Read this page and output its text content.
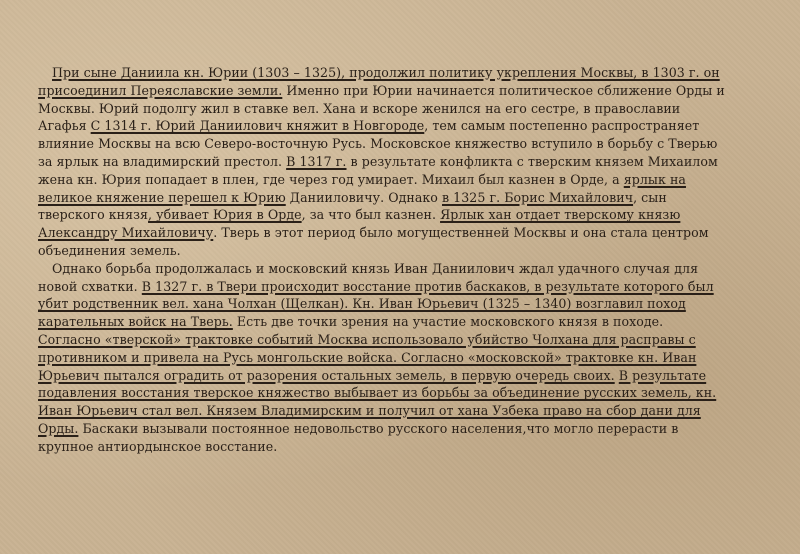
При сыне Даниила кн. Юрии (1303 – 1325), продолжил политику укрепления Москвы, в 1303 г. он присоединил Переяславские земли. Именно при Юрии начинается политическое сближение Орды и Москвы. Юрий подолгу жил в ставке вел. Хана и вскоре женился на его сестре, в православии Агафья С 1314 г. Юрий Даниилович княжит в Новгороде, тем самым постепенно распространяет влияние Москвы на всю Северо-восточную Русь. Московское княжество вступило в борьбу с Тверью за ярлык на владимирский престол. В 1317 г. в результате конфликта с тверским князем Михаилом жена кн. Юрия попадает в плен, где через год умирает. Михаил был казнен в Орде, а ярлык на великое княжение перешел к Юрию Данииловичу. Однако в 1325 г. Борис Михайлович, сын тверского князя, убивает Юрия в Орде, за что был казнен. Ярлык хан отдает тверскому князю Александру Михайловичу. Тверь в этот период было могущественней Москвы и она стала центром объединения земель.

Однако борьба продолжалась и московский князь Иван Даниилович ждал удачного случая для новой схватки. В 1327 г. в Твери происходит восстание против баскаков, в результате которого был убит родственник вел. хана Чолхан (Щелкан). Кн. Иван Юрьевич (1325 – 1340) возглавил поход карательных войск на Тверь. Есть две точки зрения на участие московского князя в походе. Согласно «тверской» трактовке событий Москва использовало убийство Чолхана для расправы с противником и привела на Русь монгольские войска. Согласно «московской» трактовке кн. Иван Юрьевич пытался оградить от разорения остальных земель, в первую очередь своих. В результате подавления восстания тверское княжество выбывает из борьбы за объединение русских земель, кн. Иван Юрьевич стал вел. Князем Владимирским и получил от хана Узбека право на сбор дани для Орды. Баскаки вызывали постоянное недовольство русского населения,что могло перерасти в крупное антиордынское восстание.
